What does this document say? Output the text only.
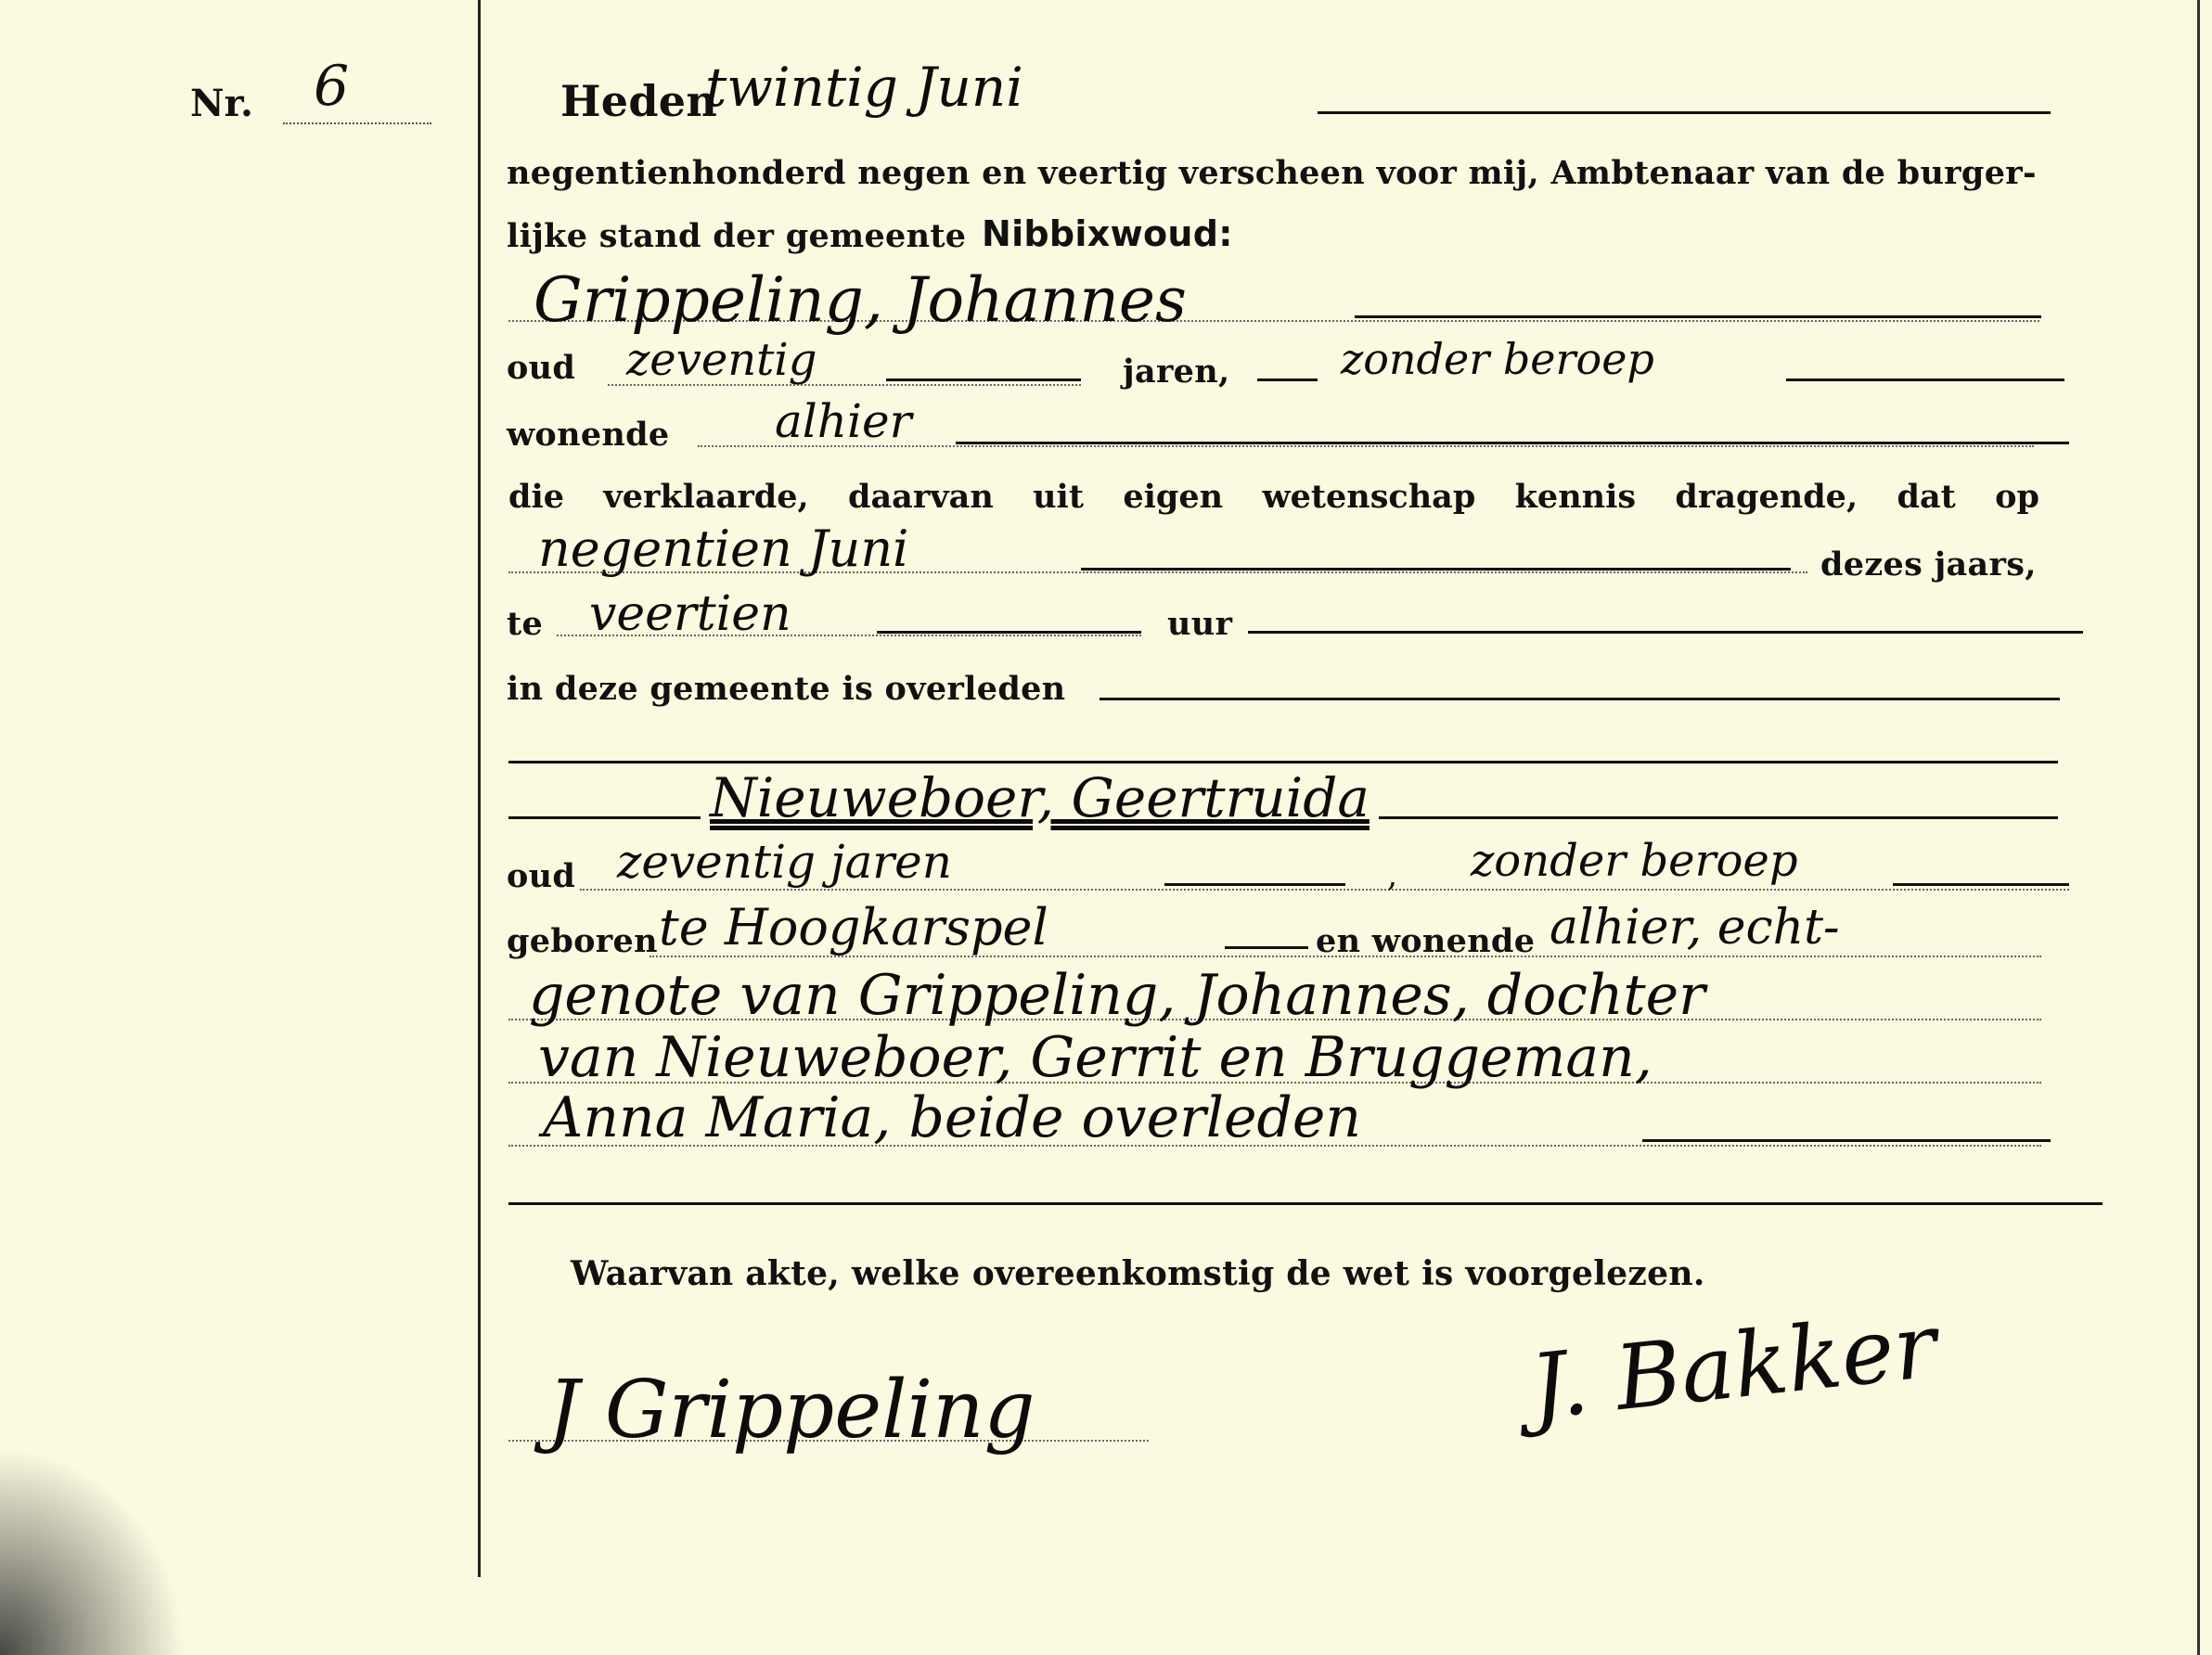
Nr. 6	Heden
twintig Juni
negentienhonderd negen en veertig verscheen voor mij, Ambtenaar van de burger-
lijke stand der gemeente Nibbixwoud:
Grippeling, Johannes
oud zeventig	jaren,	zonder beroep
wonende alhier
die verklaarde, daarvan uit eigen wetenschap kennis dragende, dat op
negentien Juni	dezes jaars,
te veertien	uur
in deze gemeente is overleden
Nieuweboer, Geertruida
oud zeventig jaren	, zonder beroep
geboren te Hoogkarspel	en wonende alhier, echt-
genote van Grippeling, Johannes, dochter
van Nieuweboer, Gerrit en Bruggeman,
Anna Maria, beide overleden
Waarvan akte, welke overeenkomstig de wet is voorgelezen.
J Grippeling	J. Bakker
